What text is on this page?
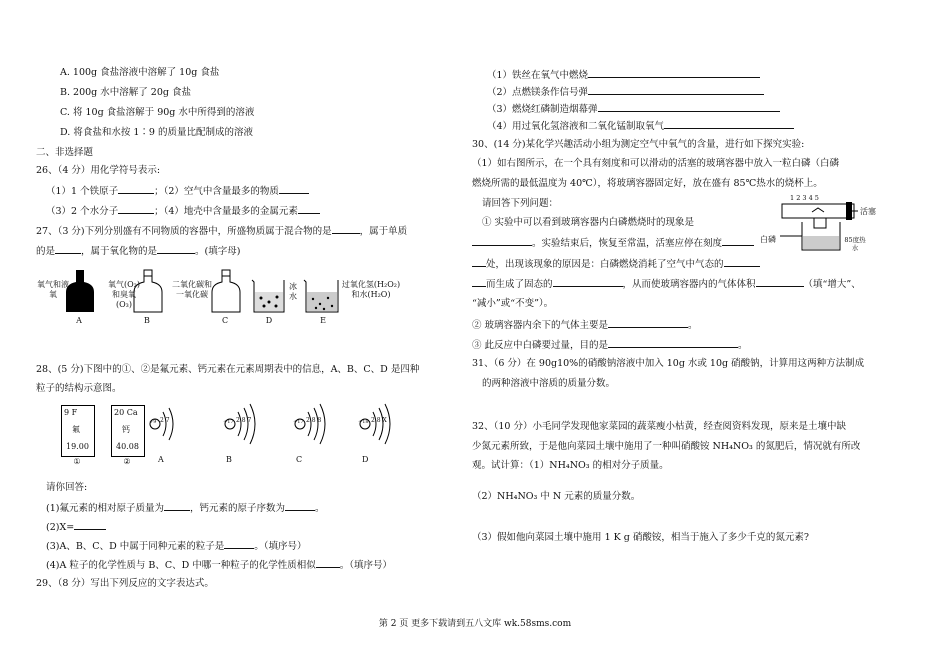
A. 100g 食盐溶液中溶解了 10g 食盐
B. 200g 水中溶解了 20g 食盐
C. 将 10g 食盐溶解于 90g 水中所得到的溶液
D. 将食盐和水按 1∶9 的质量比配制成的溶液
二、非选择题
26、（4 分）用化学符号表示:
（1）1 个铁原子	；（2）空气中含量最多的物质
（3）2 个水分子	；（4）地壳中含量最多的金属元素
27、（3 分)下列分别盛有不同物质的容器中，所盛物质属于混合物的是	，属于单质
的是	，属于氧化物的是	。(填字母)
氧气和液氧
氧气(O₂)和臭氧(O₃)
二氧化碳和一氧化碳
冰水
过氧化氢(H₂O₂)和水(H₂O)
A	B	C	D	E
28、(5 分)下图中的①、②是氟元素、钙元素在元素周期表中的信息，A、B、C、D 是四种
粒子的结构示意图。
9 F
氟
19.00
①
20 Ca
钙
40.08
②
+9 2 7	+17 2 8 7	+17 2 8 8	+18 2 8 X
A	B	C	D
请你回答:
(1)氟元素的相对原子质量为	，钙元素的原子序数为	。
(2)X=
(3)A、B、C、D 中属于同种元素的粒子是	。（填序号）
(4)A 粒子的化学性质与 B、C、D 中哪一种粒子的化学性质相似	。（填序号）
29、（8 分）写出下列反应的文字表达式。
（1）铁丝在氧气中燃烧
（2）点燃镁条作信号弹
（3）燃烧红磷制造烟幕弹
（4）用过氧化氢溶液和二氧化锰制取氧气
30、(14 分)某化学兴趣活动小组为测定空气中氧气的含量，进行如下探究实验:
（1）如右图所示，在一个具有刻度和可以滑动的活塞的玻璃容器中放入一粒白磷（白磷
燃烧所需的最低温度为 40℃），将玻璃容器固定好，放在盛有 85℃热水的烧杯上。
请回答下列问题：
① 实验中可以看到玻璃容器内白磷燃烧时的现象是
。实验结束后，恢复至常温，活塞应停在刻度
处，出现该现象的原因是：白磷燃烧消耗了空气中气态的
而生成了固态的	，从而使玻璃容器内的气体体积	（填“增大”、
“减小”或“不变”）。
② 玻璃容器内余下的气体主要是	。
③ 此反应中白磷要过量，目的是	。
1 2 3 4 5
活塞
白磷	85度热水
31、（6 分）在 90g10%的硝酸钠溶液中加入 10g 水或 10g 硝酸钠，计算用这两种方法制成
的两种溶液中溶质的质量分数。
32、（10 分）小毛同学发现他家菜园的蔬菜瘦小枯黄，经查阅资料发现，原来是土壤中缺
少氮元素所致，于是他向菜园土壤中施用了一种叫硝酸铵 NH₄NO₃ 的氮肥后，情况就有所改
观。试计算：（1）NH₄NO₃ 的相对分子质量。
（2）NH₄NO₃ 中 N 元素的质量分数。
（3）假如他向菜园土壤中施用 1 K g 硝酸铵，相当于施入了多少千克的氮元素?
第 2 页 更多下载请到五八文库 wk.58sms.com
